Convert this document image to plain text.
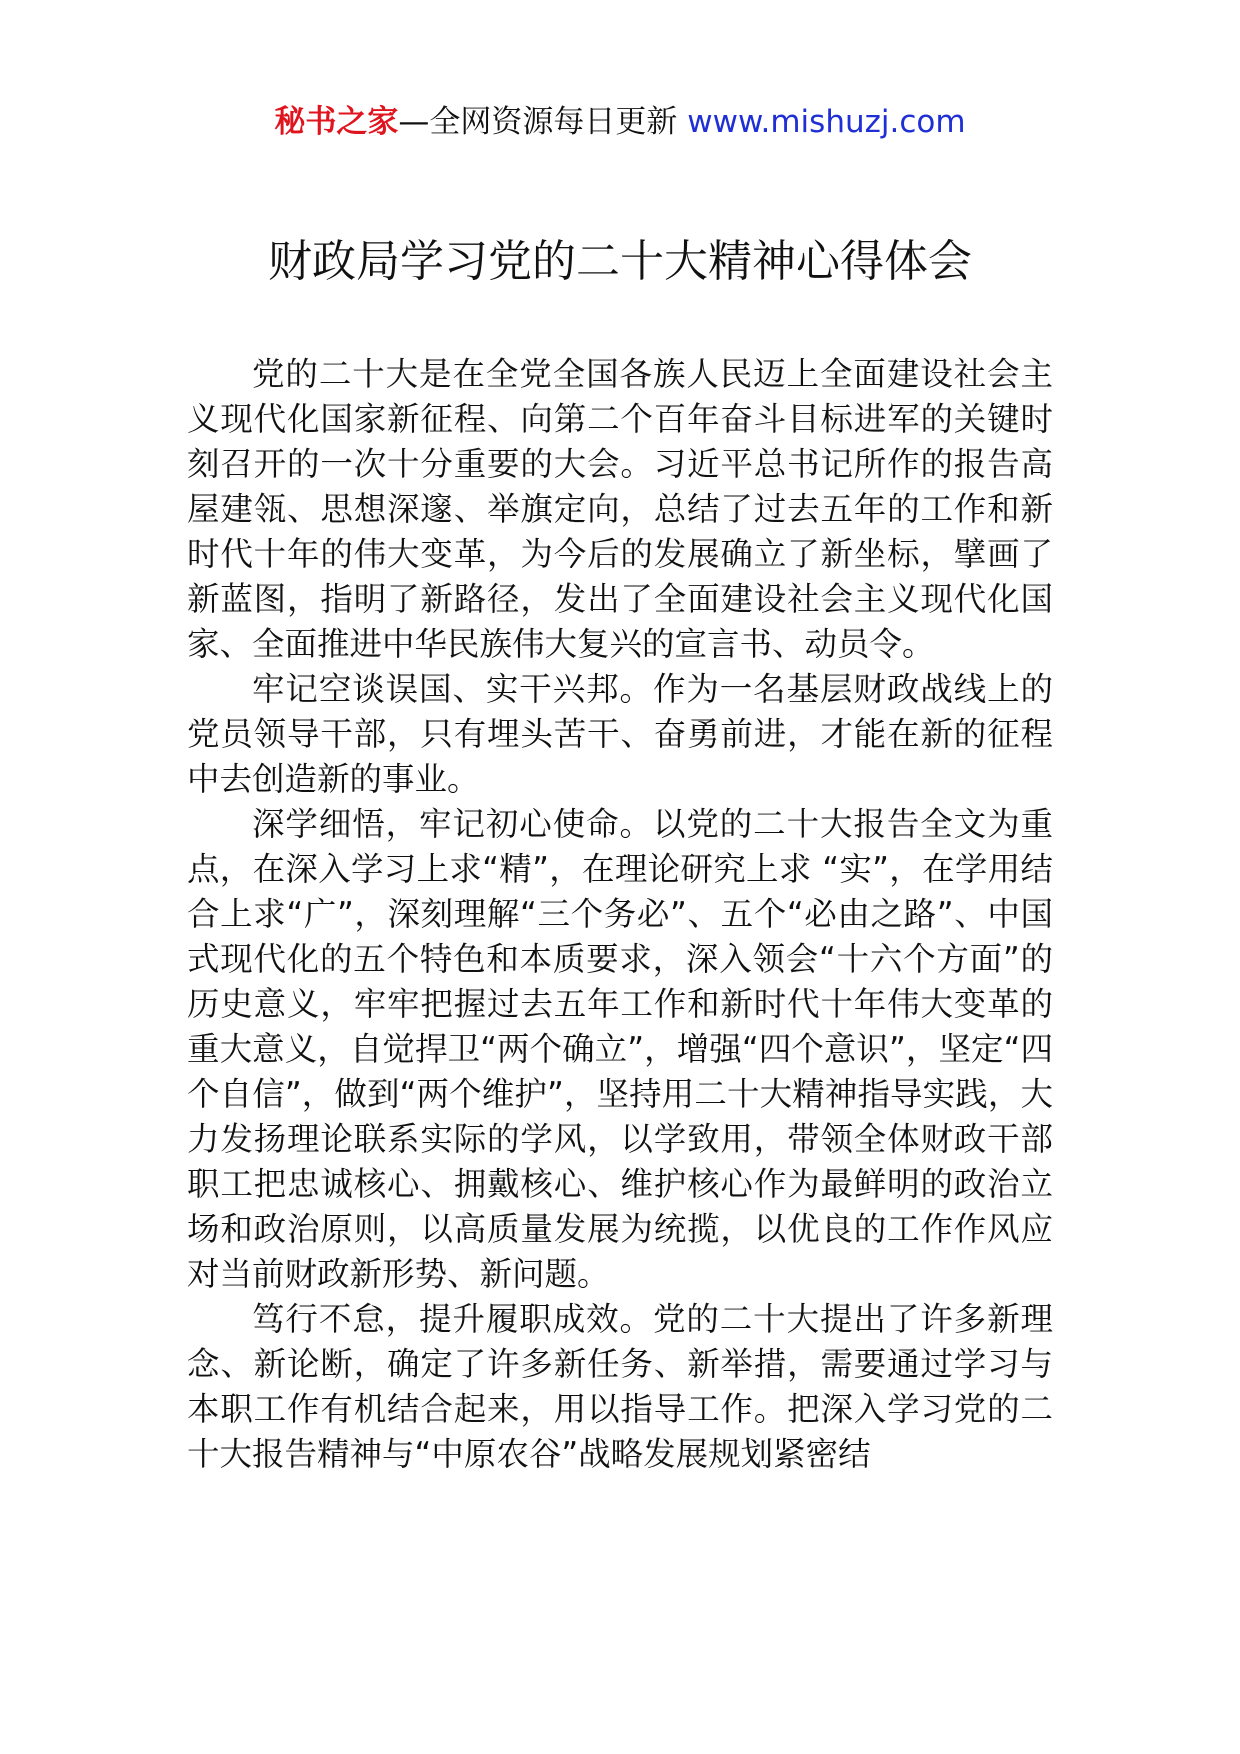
秘书之家—全网资源每日更新 www.mishuzj.com
财政局学习党的二十大精神心得体会

党的二十大是在全党全国各族人民迈上全面建设社会主义现代化国家新征程、向第二个百年奋斗目标进军的关键时刻召开的一次十分重要的大会。习近平总书记所作的报告高屋建瓴、思想深邃、举旗定向，总结了过去五年的工作和新时代十年的伟大变革，为今后的发展确立了新坐标，擘画了新蓝图，指明了新路径，发出了全面建设社会主义现代化国家、全面推进中华民族伟大复兴的宣言书、动员令。

牢记空谈误国、实干兴邦。作为一名基层财政战线上的党员领导干部，只有埋头苦干、奋勇前进，才能在新的征程中去创造新的事业。

深学细悟，牢记初心使命。以党的二十大报告全文为重点，在深入学习上求“精”，在理论研究上求 “实”，在学用结合上求“广”，深刻理解“三个务必”、五个“必由之路”、中国式现代化的五个特色和本质要求，深入领会“十六个方面”的历史意义，牢牢把握过去五年工作和新时代十年伟大变革的重大意义，自觉捍卫“两个确立”，增强“四个意识”，坚定“四个自信”，做到“两个维护”，坚持用二十大精神指导实践，大力发扬理论联系实际的学风，以学致用，带领全体财政干部职工把忠诚核心、拥戴核心、维护核心作为最鲜明的政治立场和政治原则，以高质量发展为统揽，以优良的工作作风应对当前财政新形势、新问题。

笃行不怠，提升履职成效。党的二十大提出了许多新理念、新论断，确定了许多新任务、新举措，需要通过学习与本职工作有机结合起来，用以指导工作。把深入学习党的二十大报告精神与“中原农谷”战略发展规划紧密结
